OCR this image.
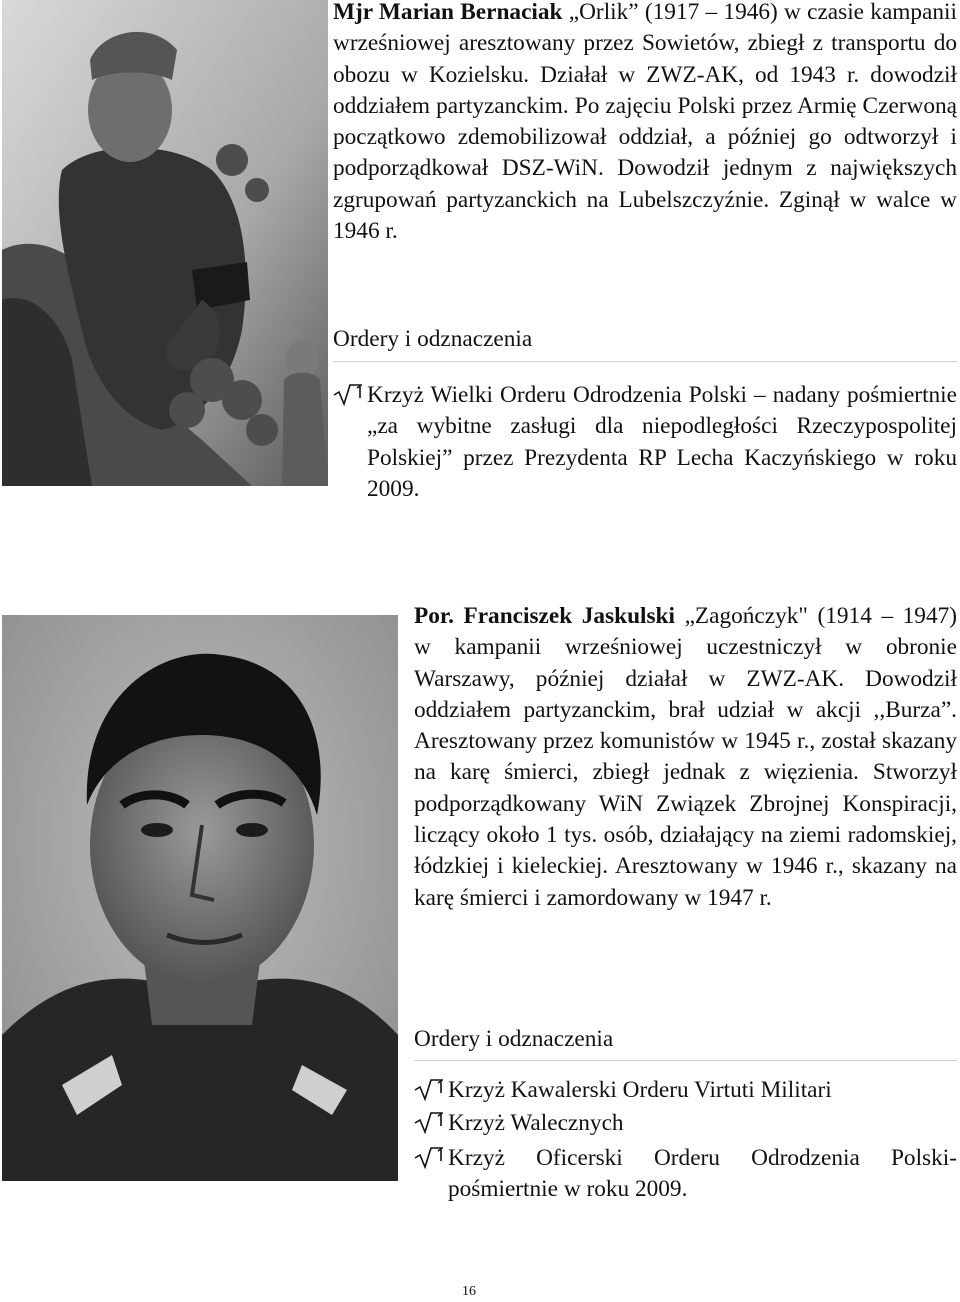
Mjr Marian Bernaciak „Orlik” (1917 – 1946) w czasie kampanii wrześniowej aresztowany przez Sowietów, zbiegł z transportu do obozu w Kozielsku. Działał w ZWZ-AK, od 1943 r. dowodził oddziałem partyzanckim. Po zajęciu Polski przez Armię Czerwoną początkowo zdemobilizował oddział, a później go odtworzył i podporządkował DSZ-WiN. Dowodził jednym z największych zgrupowań partyzanckich na Lubelszczyźnie. Zginął w walce w 1946 r.
Ordery i odznaczenia
Krzyż Wielki Orderu Odrodzenia Polski – nadany pośmiertnie „za wybitne zasługi dla niepodległości Rzeczypospolitej Polskiej” przez Prezydenta RP Lecha Kaczyńskiego w roku 2009.
Por. Franciszek Jaskulski „Zagończyk" (1914 – 1947) w kampanii wrześniowej uczestniczył w obronie Warszawy, później działał w ZWZ-AK. Dowodził oddziałem partyzanckim, brał udział w akcji ,,Burza”. Aresztowany przez komunistów w 1945 r., został skazany na karę śmierci, zbiegł jednak z więzienia. Stworzył podporządkowany WiN Związek Zbrojnej Konspiracji, liczący około 1 tys. osób, działający na ziemi radomskiej, łódzkiej i kieleckiej. Aresztowany w 1946 r., skazany na karę śmierci i zamordowany w 1947 r.
Ordery i odznaczenia
Krzyż Kawalerski Orderu Virtuti Militari
Krzyż Walecznych
Krzyż Oficerski Orderu Odrodzenia Polski- pośmiertnie w roku 2009.
16
